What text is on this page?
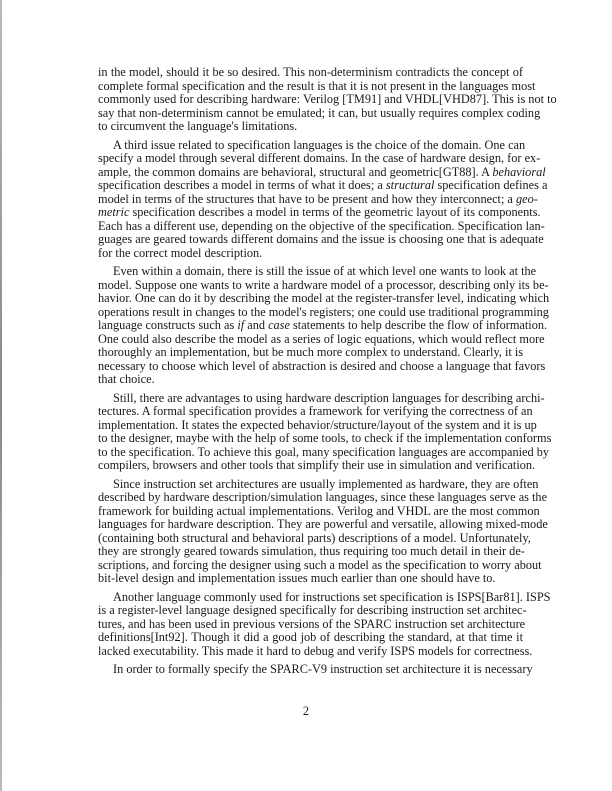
in the model, should it be so desired. This non-determinism contradicts the concept of
complete formal specification and the result is that it is not present in the languages most
commonly used for describing hardware: Verilog [TM91] and VHDL[VHD87]. This is not to
say that non-determinism cannot be emulated; it can, but usually requires complex coding
to circumvent the language's limitations.
A third issue related to specification languages is the choice of the domain. One can
specify a model through several different domains. In the case of hardware design, for ex-
ample, the common domains are behavioral, structural and geometric[GT88]. A behavioral
specification describes a model in terms of what it does; a structural specification defines a
model in terms of the structures that have to be present and how they interconnect; a geo-
metric specification describes a model in terms of the geometric layout of its components.
Each has a different use, depending on the objective of the specification. Specification lan-
guages are geared towards different domains and the issue is choosing one that is adequate
for the correct model description.
Even within a domain, there is still the issue of at which level one wants to look at the
model. Suppose one wants to write a hardware model of a processor, describing only its be-
havior. One can do it by describing the model at the register-transfer level, indicating which
operations result in changes to the model's registers; one could use traditional programming
language constructs such as if and case statements to help describe the flow of information.
One could also describe the model as a series of logic equations, which would reflect more
thoroughly an implementation, but be much more complex to understand. Clearly, it is
necessary to choose which level of abstraction is desired and choose a language that favors
that choice.
Still, there are advantages to using hardware description languages for describing archi-
tectures. A formal specification provides a framework for verifying the correctness of an
implementation. It states the expected behavior/structure/layout of the system and it is up
to the designer, maybe with the help of some tools, to check if the implementation conforms
to the specification. To achieve this goal, many specification languages are accompanied by
compilers, browsers and other tools that simplify their use in simulation and verification.
Since instruction set architectures are usually implemented as hardware, they are often
described by hardware description/simulation languages, since these languages serve as the
framework for building actual implementations. Verilog and VHDL are the most common
languages for hardware description. They are powerful and versatile, allowing mixed-mode
(containing both structural and behavioral parts) descriptions of a model. Unfortunately,
they are strongly geared towards simulation, thus requiring too much detail in their de-
scriptions, and forcing the designer using such a model as the specification to worry about
bit-level design and implementation issues much earlier than one should have to.
Another language commonly used for instructions set specification is ISPS[Bar81]. ISPS
is a register-level language designed specifically for describing instruction set architec-
tures, and has been used in previous versions of the SPARC instruction set architecture
definitions[Int92]. Though it did a good job of describing the standard, at that time it
lacked executability. This made it hard to debug and verify ISPS models for correctness.
In order to formally specify the SPARC-V9 instruction set architecture it is necessary
2
